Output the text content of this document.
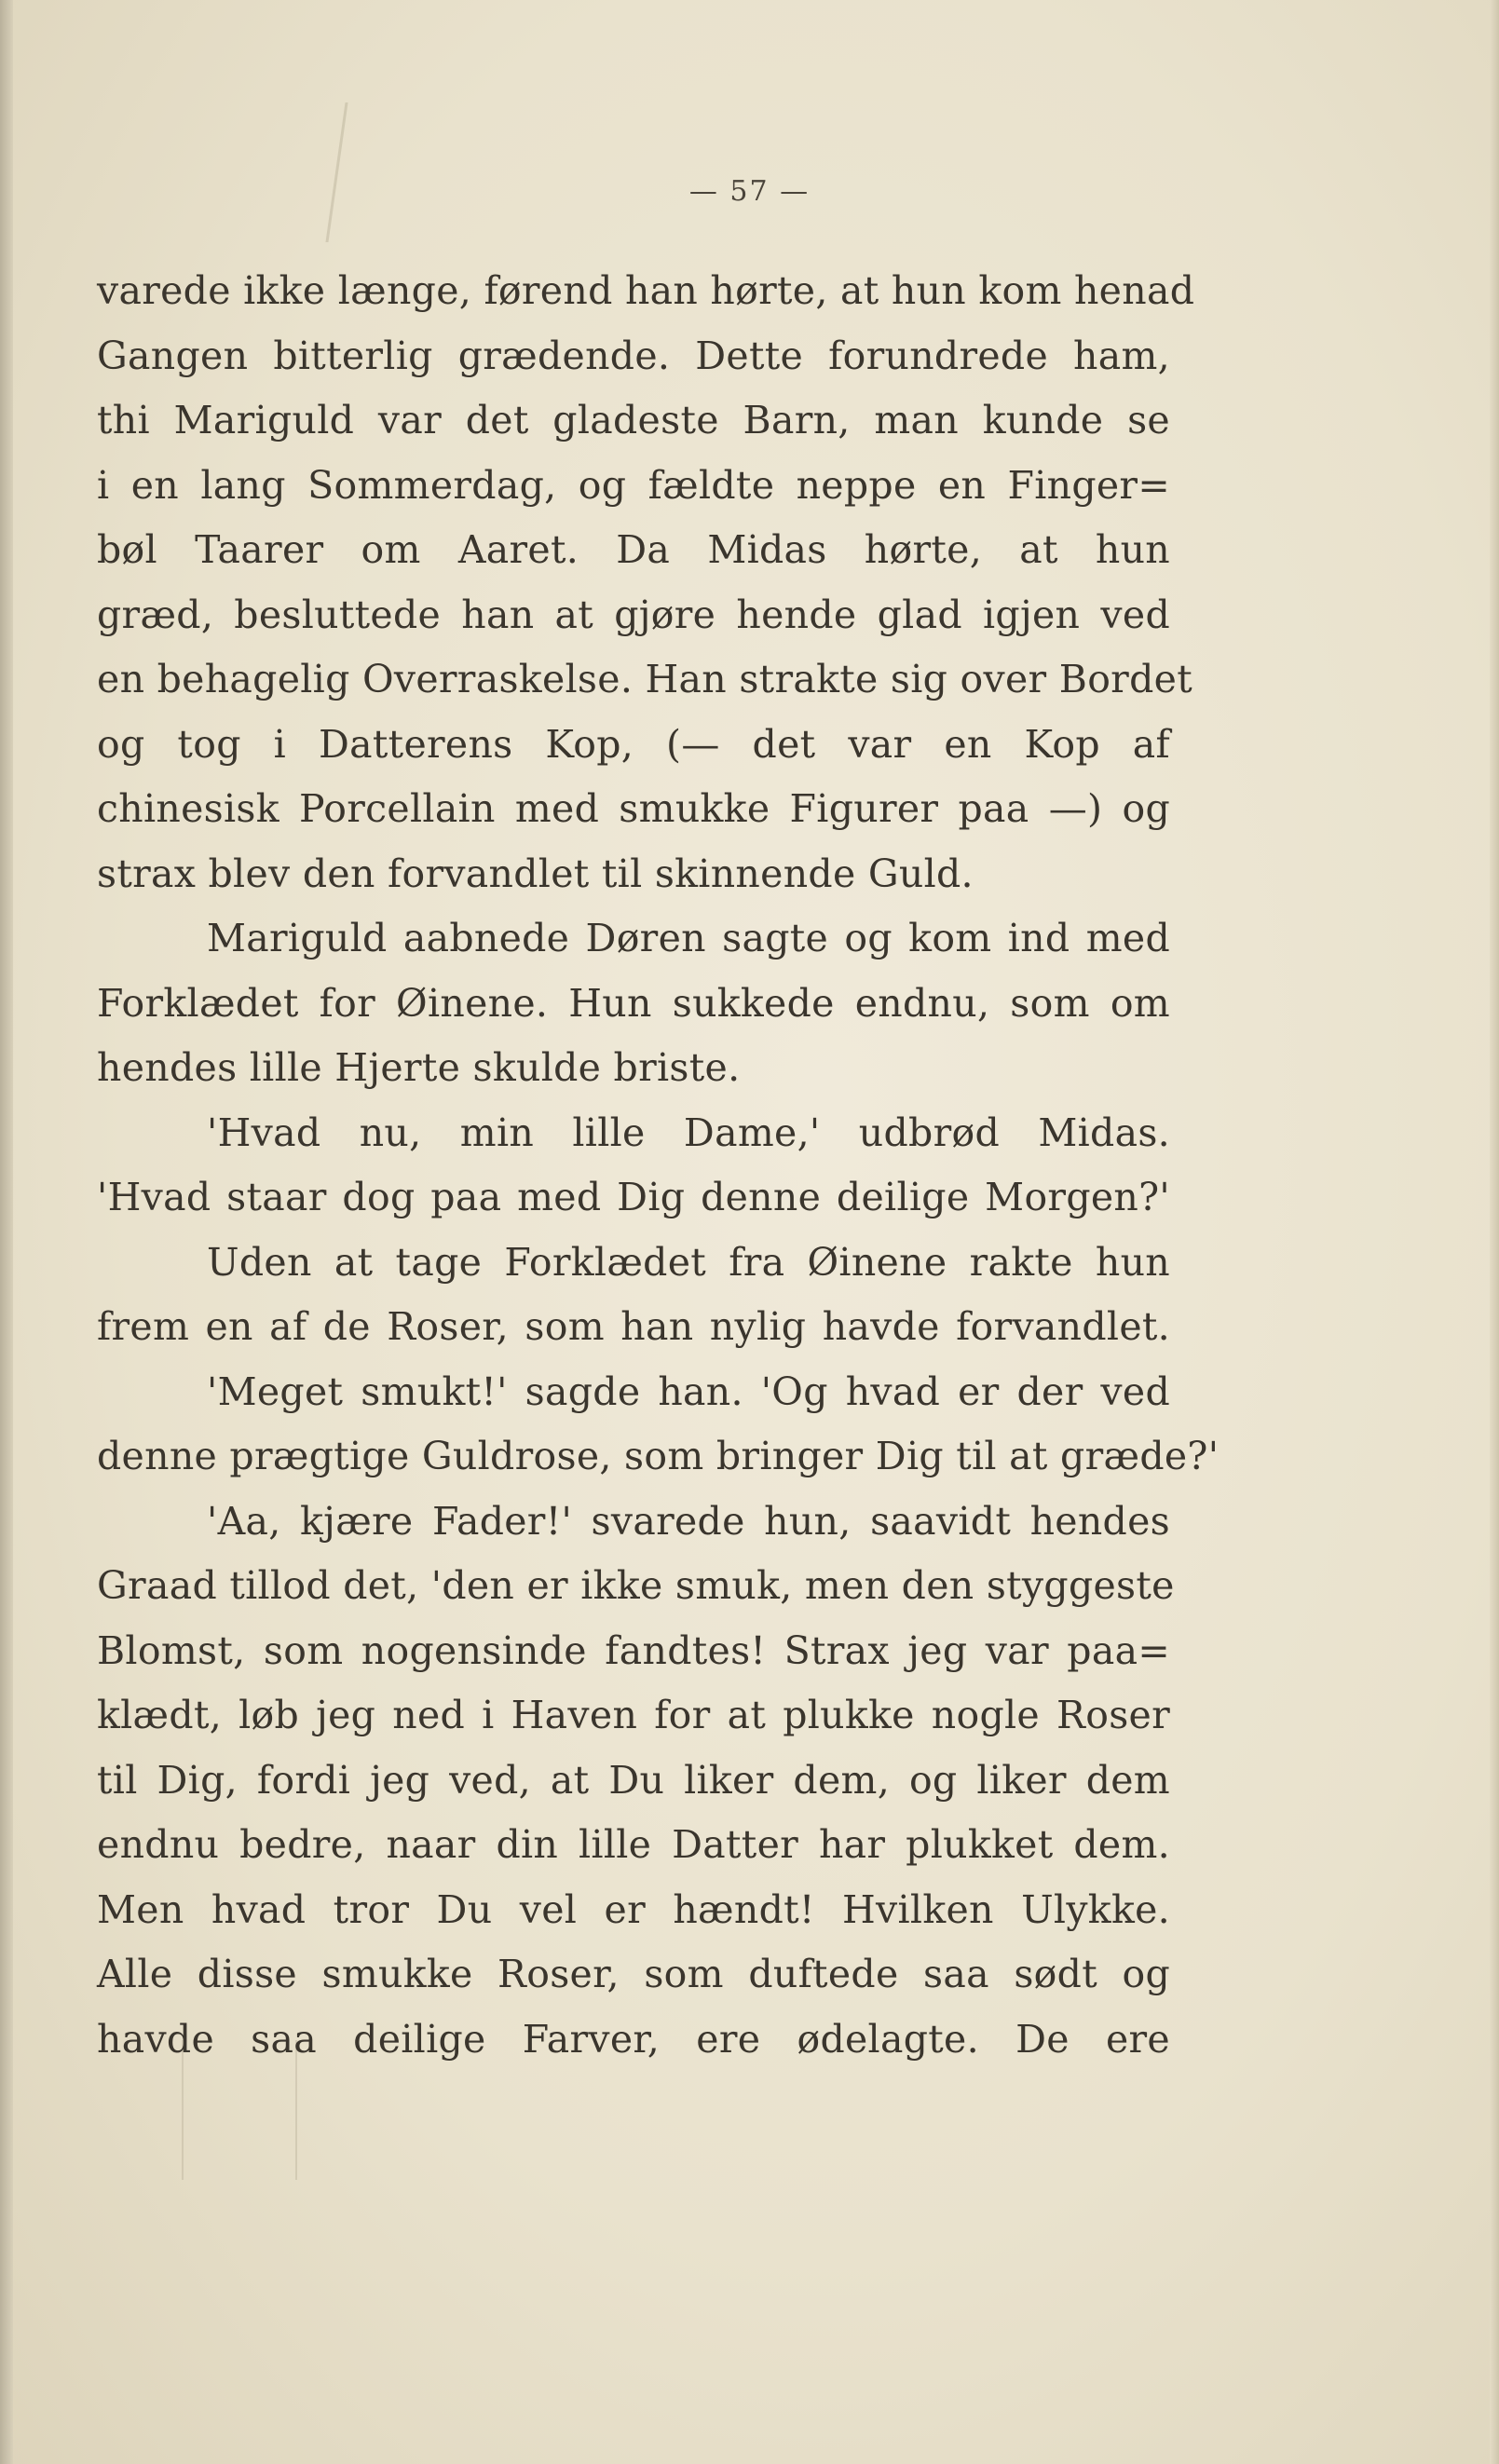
— 57 —
varede ikke længe, førend han hørte, at hun kom henad
Gangen bitterlig grædende. Dette forundrede ham,
thi Mariguld var det gladeste Barn, man kunde se
i en lang Sommerdag, og fældte neppe en Finger=
bøl Taarer om Aaret. Da Midas hørte, at hun
græd, besluttede han at gjøre hende glad igjen ved
en behagelig Overraskelse. Han strakte sig over Bordet
og tog i Datterens Kop, (— det var en Kop af
chinesisk Porcellain med smukke Figurer paa —) og
strax blev den forvandlet til skinnende Guld.
Mariguld aabnede Døren sagte og kom ind med
Forklædet for Øinene. Hun sukkede endnu, som om
hendes lille Hjerte skulde briste.
'Hvad nu, min lille Dame,' udbrød Midas.
'Hvad staar dog paa med Dig denne deilige Morgen?'
Uden at tage Forklædet fra Øinene rakte hun
frem en af de Roser, som han nylig havde forvandlet.
'Meget smukt!' sagde han. 'Og hvad er der ved
denne prægtige Guldrose, som bringer Dig til at græde?'
'Aa, kjære Fader!' svarede hun, saavidt hendes
Graad tillod det, 'den er ikke smuk, men den styggeste
Blomst, som nogensinde fandtes! Strax jeg var paa=
klædt, løb jeg ned i Haven for at plukke nogle Roser
til Dig, fordi jeg ved, at Du liker dem, og liker dem
endnu bedre, naar din lille Datter har plukket dem.
Men hvad tror Du vel er hændt! Hvilken Ulykke.
Alle disse smukke Roser, som duftede saa sødt og
havde saa deilige Farver, ere ødelagte. De ere
